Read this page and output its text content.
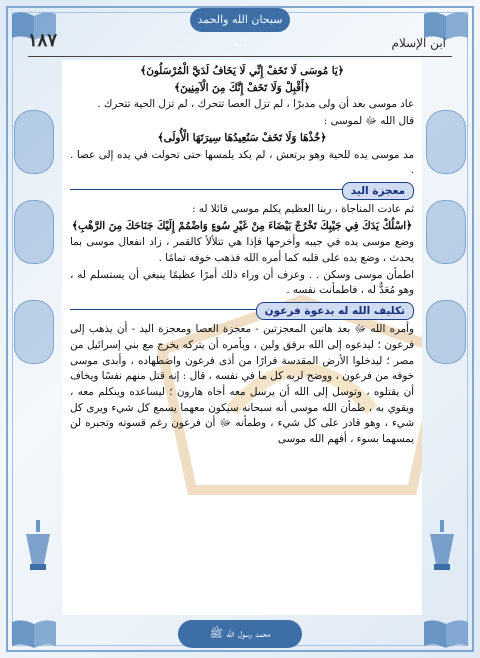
سبحان الله والحمد لله
محمد رسول الله ﷺ
١٨٧	ابن الإسلام

﴿يَا مُوسَى لَا تَخَفْ إِنِّي لَا يَخَافُ لَدَيَّ الْمُرْسَلُونَ﴾

﴿أَقْبِلْ وَلَا تَخَفْ إِنَّكَ مِنَ الْآمِنِينَ﴾

عاد موسى بعد أن ولى مدبرًا ، لم تزل العصا تتحرك ، لم تزل الحية تتحرك .

قال الله ﷻ لموسى :

﴿خُذْهَا وَلَا تَخَفْ سَنُعِيدُهَا سِيرَتَهَا الْأُولَى﴾

مد موسى يده للحية وهو يرتعش ، لم يكد يلمسها حتى تحولت في يده إلى عصا . .

معجزة اليد

ثم عادت المناجاة ، ربنا العظيم يكلم موسى قائلا له :

﴿اسْلُكْ يَدَكَ فِي جَيْبِكَ تَخْرُجْ بَيْضَاءَ مِنْ غَيْرِ سُوءٍ وَاضْمُمْ إِلَيْكَ جَنَاحَكَ مِنَ الرَّهْبِ﴾

وضع موسى يده في جيبه وأخرجها فإذا هي تتلألأ كالقمر ، زاد انفعال موسى بما يحدث ، وضع يده على قلبه كما أمره الله فذهب خوفه تمامًا .

اطمأن موسى وسكن . . وعرف أن وراء ذلك أمرًا عظيمًا ينبغي أن يستسلم له ، وهو مُعَدٌّ له ، فاطمأنت نفسه .

تكليف الله له بدعوة فرعون

وأمره الله ﷻ بعد هاتين المعجزتين - معجزة العصا ومعجزة اليد - أن يذهب إلى فرعون ؛ ليدعوه إلى الله برفق ولين ، ويأمره أن يتركه يخرج مع بني إسرائيل من مصر ؛ ليدخلوا الأرض المقدسة فرارًا من أذى فرعون واضطهاده ، وأبدى موسى خوفه من فرعون ، ووضح لربه كل ما في نفسه ، قال : إنه قتل منهم نفسًا ويخاف أن يقتلوه ، وتوسل إلى الله أن يرسل معه أخاه هارون ؛ ليساعده وينكلم معه ، ويقوي به ، طمأن الله موسى أنه سبحانه سيكون معهما يسمع كل شيء ويرى كل شيء ، وهو قادر على كل شيء ، وطمأنه ﷻ أن فرعون رغم قسوته وتجبره لن يمسهما بسوء ، أفهم الله موسى
